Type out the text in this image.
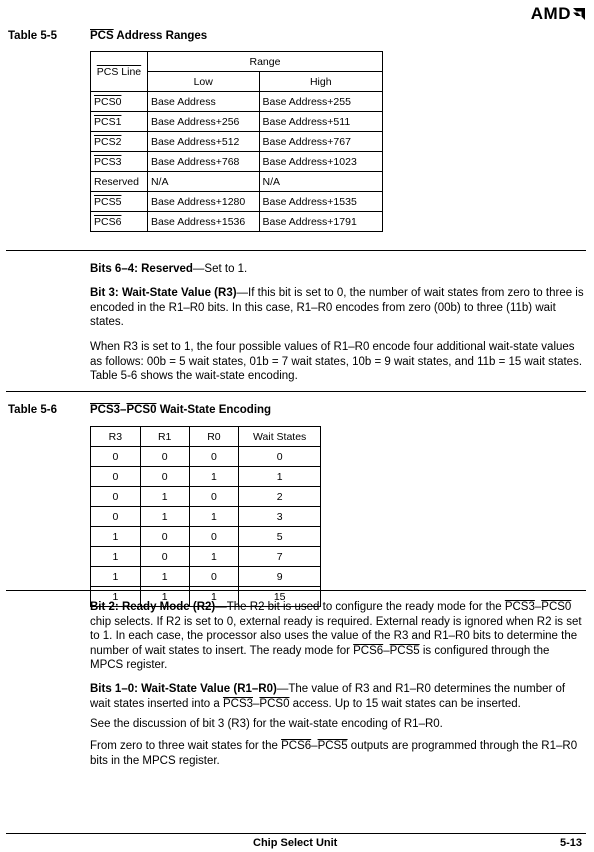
AMD
Table 5-5	$\overline{PCS}$ Address Ranges
PCS Line	Range	
	Low	High
PCS0	Base Address	Base Address+255
PCS1	Base Address+256	Base Address+511
PCS2	Base Address+512	Base Address+767
PCS3	Base Address+768	Base Address+1023
Reserved	N/A	N/A
PCS5	Base Address+1280	Base Address+1535
PCS6	Base Address+1536	Base Address+1791
Bits 6–4: Reserved—Set to 1.
Bit 3: Wait-State Value (R3)—If this bit is set to 0, the number of wait states from zero to three is encoded in the R1–R0 bits. In this case, R1–R0 encodes from zero (00b) to three (11b) wait states.
When R3 is set to 1, the four possible values of R1–R0 encode four additional wait-state values as follows: 00b = 5 wait states, 01b = 7 wait states, 10b = 9 wait states, and 11b = 15 wait states. Table 5-6 shows the wait-state encoding.
Table 5-6	PCS3–PCS0 Wait-State Encoding
R3	R1	R0	Wait States
0	0	0	0
0	0	1	1
0	1	0	2
0	1	1	3
1	0	0	5
1	0	1	7
1	1	0	9
1	1	1	15
Bit 2: Ready Mode (R2)—The R2 bit is used to configure the ready mode for the PCS3–PCS0 chip selects. If R2 is set to 0, external ready is required. External ready is ignored when R2 is set to 1. In each case, the processor also uses the value of the R3 and R1–R0 bits to determine the number of wait states to insert. The ready mode for PCS6–PCS5 is configured through the MPCS register.
Bits 1–0: Wait-State Value (R1–R0)—The value of R3 and R1–R0 determines the number of wait states inserted into a PCS3–PCS0 access. Up to 15 wait states can be inserted.
See the discussion of bit 3 (R3) for the wait-state encoding of R1–R0.
From zero to three wait states for the PCS6–PCS5 outputs are programmed through the R1–R0 bits in the MPCS register.
Chip Select Unit	5-13
